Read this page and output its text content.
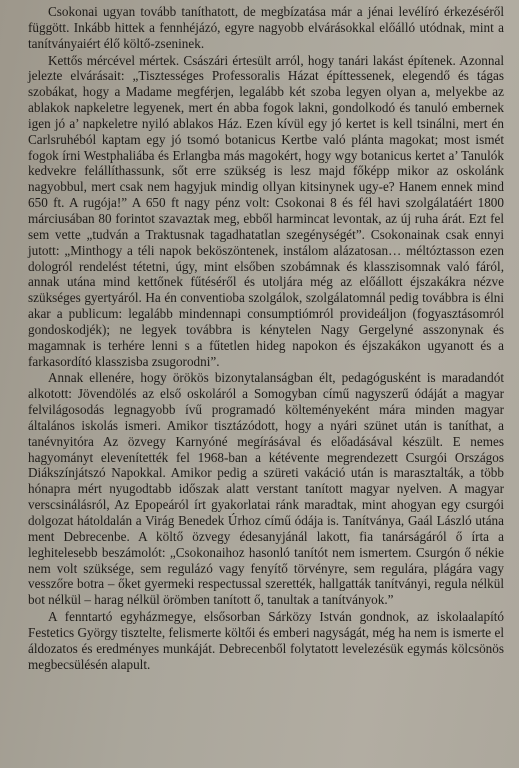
Csokonai ugyan tovább taníthatott, de megbízatása már a jénai levélíró érkezéséről függött. Inkább hittek a fennhéjázó, egyre nagyobb elvárásokkal előálló utódnak, mint a tanítványaiért élő költő-zseninek.

Kettős mércével mértek. Császári értesült arról, hogy tanári lakást építenek. Azonnal jelezte elvárásait: „Tisztességes Professoralis Házat építtessenek, elegendő és tágas szobákat, hogy a Madame megférjen, legalább két szoba legyen olyan a, melyekbe az ablakok napkeletre legyenek, mert én abba fogok lakni, gondolkodó és tanuló embernek igen jó a’ napkeletre nyiló ablakos Ház. Ezen kívül egy jó kertet is kell tsinálni, mert én Carlsruhéból kaptam egy jó tsomó botanicus Kertbe való plánta magokat; most ismét fogok írni Westphaliába és Erlangba más magokért, hogy wgy botanicus kertet a’ Tanulók kedvekre felállíthassunk, sőt erre szükség is lesz majd főképp mikor az oskolánk nagyobbul, mert csak nem hagyjuk mindig ollyan kitsinynek ugy-e? Hanem ennek mind 650 ft. A rugója!” A 650 ft nagy pénz volt: Csokonai 8 és fél havi szolgálatáért 1800 márciusában 80 forintot szavaztak meg, ebből harmincat levontak, az új ruha árát. Ezt fel sem vette „tudván a Traktusnak tagadhatatlan szegénységét”. Csokonainak csak ennyi jutott: „Minthogy a téli napok beköszöntenek, instálom alázatosan… méltóztasson ezen dologról rendelést tétetni, úgy, mint elsőben szobámnak és klasszisomnak való fáról, annak utána mind kettőnek fűtéséről és utoljára még az előállott éjszakákra nézve szükséges gyertyáról. Ha én conventioba szolgálok, szolgálatomnál pedig továbbra is élni akar a publicum: legalább mindennapi consumptiómról provideáljon (fogyasztásomról gondoskodjék); ne legyek továbbra is kénytelen Nagy Gergelyné asszonynak és magamnak is terhére lenni s a fűtetlen hideg napokon és éjszakákon ugyanott és a farkasordító klasszisba zsugorodni”.

Annak ellenére, hogy örökös bizonytalanságban élt, pedagógusként is maradandót alkotott: Jövendölés az első oskoláról a Somogyban című nagyszerű ódáját a magyar felvilágosodás legnagyobb ívű programadó költeményeként mára minden magyar általános iskolás ismeri. Amikor tisztázódott, hogy a nyári szünet után is taníthat, a tanévnyitóra Az özvegy Karnyóné megírásával és előadásával készült. E nemes hagyományt elevenítették fel 1968-ban a kétévente megrendezett Csurgói Országos Diákszínjátszó Napokkal. Amikor pedig a szüreti vakáció után is marasztalták, a több hónapra mért nyugodtabb időszak alatt verstant tanított magyar nyelven. A magyar verscsinálásról, Az Epopeáról írt gyakorlatai ránk maradtak, mint ahogyan egy csurgói dolgozat hátoldalán a Virág Benedek Úrhoz című ódája is. Tanítványa, Gaál László utána ment Debrecenbe. A költő özvegy édesanyjánál lakott, fia tanárságáról ő írta a leghitelesebb beszámolót: „Csokonaihoz hasonló tanítót nem ismertem. Csurgón ő nékie nem volt szüksége, sem regulázó vagy fenyítő törvényre, sem regulára, plágára vagy vesszőre botra – őket gyermeki respectussal szerették, hallgatták tanítványi, regula nélkül bot nélkül – harag nélkül örömben tanított ő, tanultak a tanítványok.”

A fenntartó egyházmegye, elsősorban Sárközy István gondnok, az iskolaalapító Festetics György tisztelte, felismerte költői és emberi nagyságát, még ha nem is ismerte el áldozatos és eredményes munkáját. Debrecenből folytatott levelezésük egymás kölcsönös megbecsülésén alapult.
